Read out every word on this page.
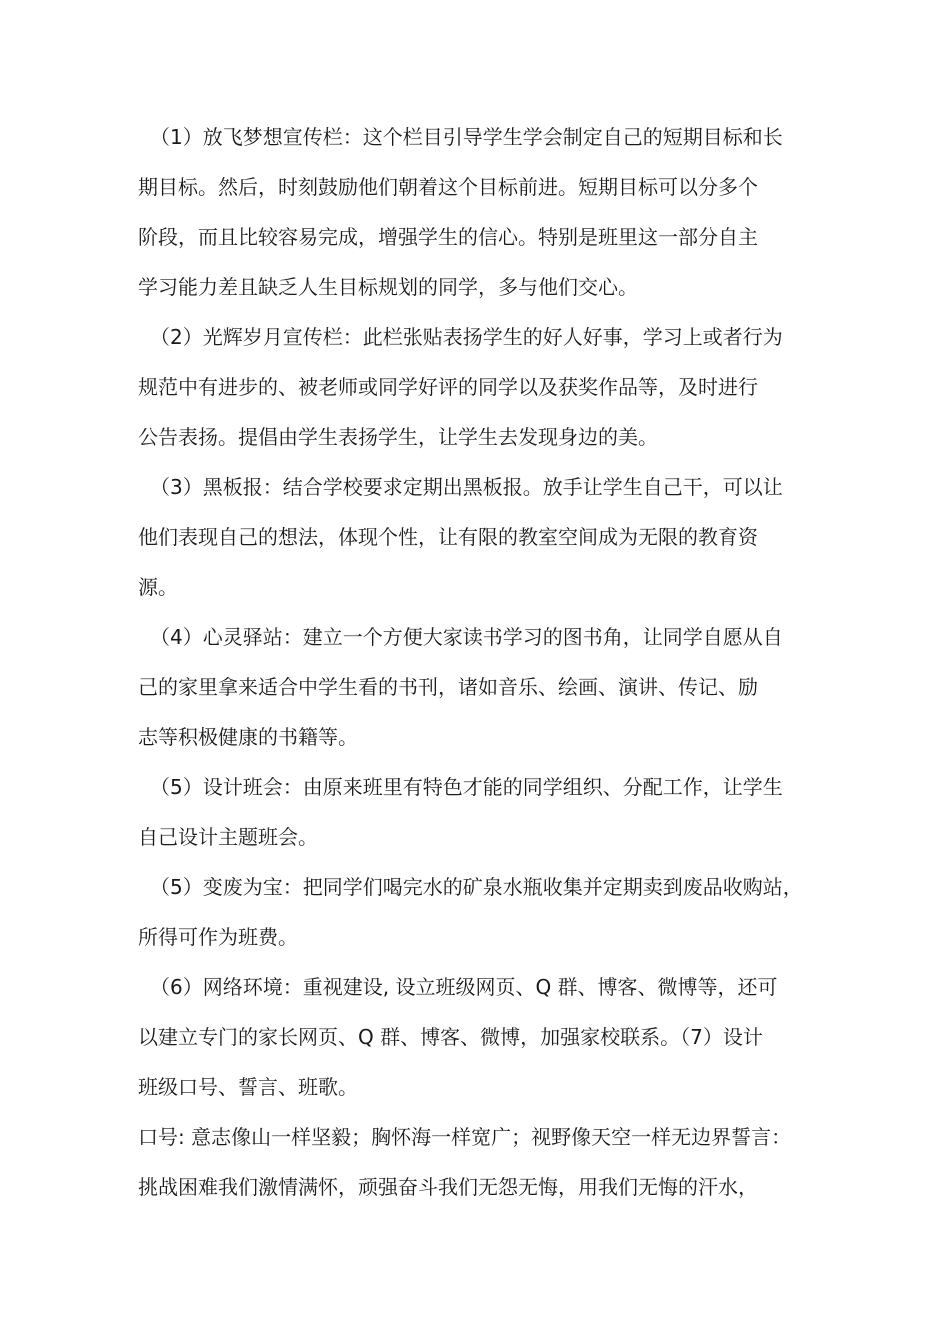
（1）放飞梦想宣传栏：这个栏目引导学生学会制定自己的短期目标和长
期目标。然后，时刻鼓励他们朝着这个目标前进。短期目标可以分多个
阶段，而且比较容易完成，增强学生的信心。特别是班里这一部分自主
学习能力差且缺乏人生目标规划的同学，多与他们交心。
（2）光辉岁月宣传栏：此栏张贴表扬学生的好人好事，学习上或者行为
规范中有进步的、被老师或同学好评的同学以及获奖作品等，及时进行
公告表扬。提倡由学生表扬学生，让学生去发现身边的美。
（3）黑板报：结合学校要求定期出黑板报。放手让学生自己干，可以让
他们表现自己的想法，体现个性，让有限的教室空间成为无限的教育资
源。
（4）心灵驿站：建立一个方便大家读书学习的图书角，让同学自愿从自
己的家里拿来适合中学生看的书刊，诸如音乐、绘画、演讲、传记、励
志等积极健康的书籍等。
（5）设计班会：由原来班里有特色才能的同学组织、分配工作，让学生
自己设计主题班会。
（5）变废为宝：把同学们喝完水的矿泉水瓶收集并定期卖到废品收购站，
所得可作为班费。
（6）网络环境：重视建设, 设立班级网页、Q 群、博客、微博等，还可
以建立专门的家长网页、Q 群、博客、微博，加强家校联系。（7）设计
班级口号、誓言、班歌。
口号: 意志像山一样坚毅；胸怀海一样宽广；视野像天空一样无边界誓言：
挑战困难我们激情满怀，顽强奋斗我们无怨无悔，用我们无悔的汗水，
